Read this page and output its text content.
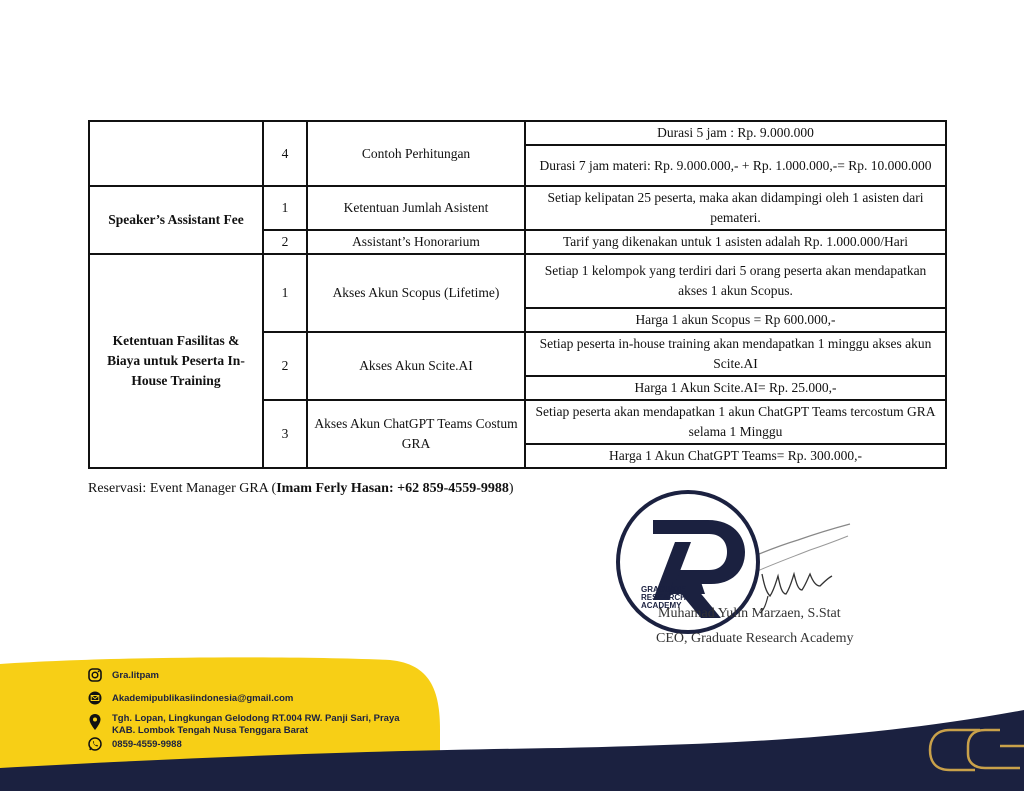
	4	Contoh Perhitungan	Durasi 5 jam : Rp. 9.000.000
			Durasi 7 jam materi: Rp. 9.000.000,- + Rp. 1.000.000,-= Rp. 10.000.000
Speaker’s Assistant Fee	1	Ketentuan Jumlah Asistent	Setiap kelipatan 25 peserta, maka akan didampingi oleh 1 asisten dari pemateri.
	2	Assistant’s Honorarium	Tarif yang dikenakan untuk 1 asisten adalah Rp. 1.000.000/Hari
Ketentuan Fasilitas & Biaya untuk Peserta In-House Training	1	Akses Akun Scopus (Lifetime)	Setiap 1 kelompok yang terdiri dari 5 orang peserta akan mendapatkan akses 1 akun Scopus.
			Harga 1 akun Scopus = Rp 600.000,-
	2	Akses Akun Scite.AI	Setiap peserta in-house training akan mendapatkan 1 minggu akses akun Scite.AI
			Harga 1 Akun Scite.AI= Rp. 25.000,-
	3	Akses Akun ChatGPT Teams Costum GRA	Setiap peserta akan mendapatkan 1 akun ChatGPT Teams tercostum GRA selama 1 Minggu
			Harga 1 Akun ChatGPT Teams= Rp. 300.000,-
Reservasi: Event Manager GRA (Imam Ferly Hasan: +62 859-4559-9988)
GRADUATE
RESEARCH
ACADEMY
Muhamad Yulin Marzaen, S.Stat
CEO, Graduate Research Academy
Gra.litpam
Akademipublikasiindonesia@gmail.com
Tgh. Lopan, Lingkungan Gelodong RT.004 RW. Panji Sari, Praya
KAB. Lombok Tengah Nusa Tenggara Barat
0859-4559-9988
